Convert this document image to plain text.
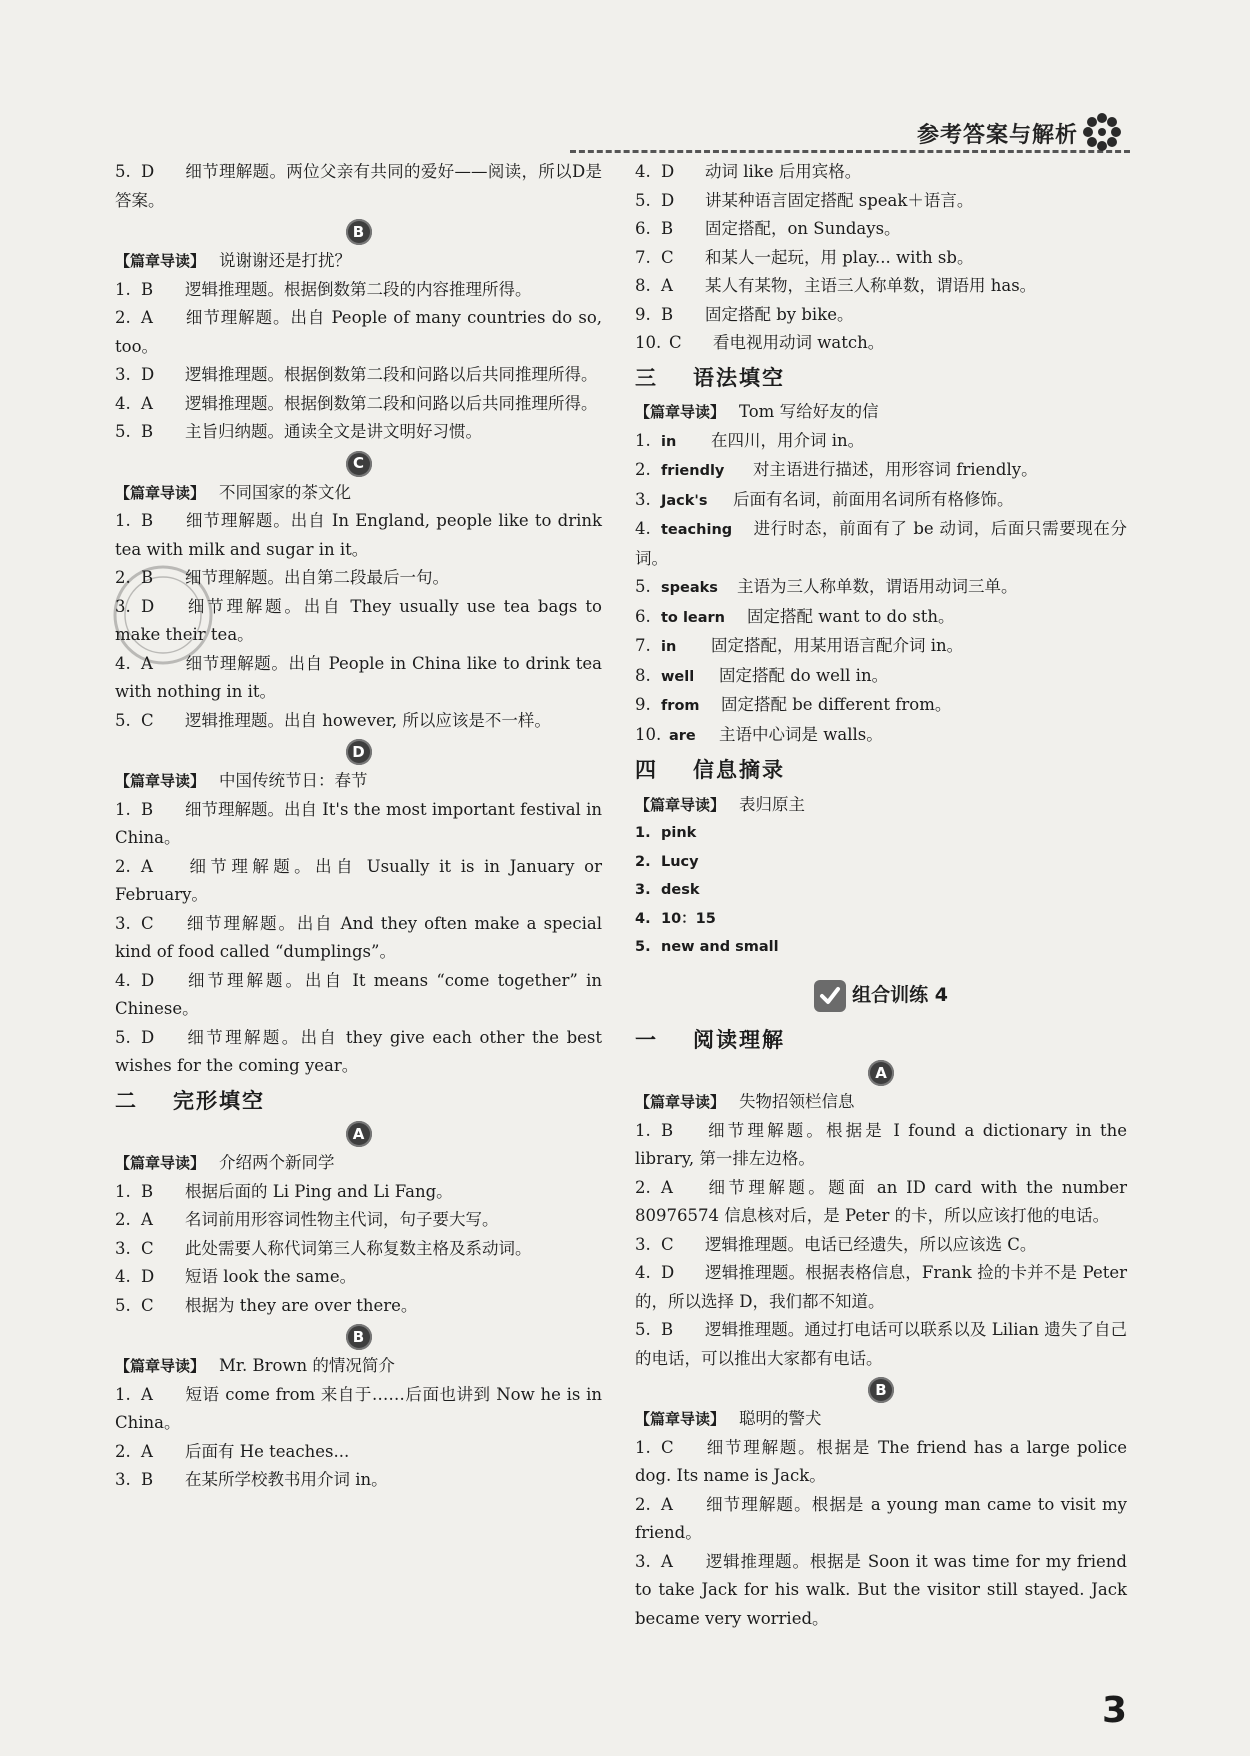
参考答案与解析

5. D 细节理解题。两位父亲有共同的爱好——阅读，所以D是答案。

B

【篇章导读】 说谢谢还是打扰？

1. B 逻辑推理题。根据倒数第二段的内容推理所得。

2. A 细节理解题。出自 People of many countries do so, too。

3. D 逻辑推理题。根据倒数第二段和问路以后共同推理所得。

4. A 逻辑推理题。根据倒数第二段和问路以后共同推理所得。

5. B 主旨归纳题。通读全文是讲文明好习惯。

C

【篇章导读】 不同国家的茶文化

1. B 细节理解题。出自 In England, people like to drink tea with milk and sugar in it。

2. B 细节理解题。出自第二段最后一句。

3. D 细节理解题。出自 They usually use tea bags to make their tea。

4. A 细节理解题。出自 People in China like to drink tea with nothing in it。

5. C 逻辑推理题。出自 however, 所以应该是不一样。

D

【篇章导读】 中国传统节日：春节

1. B 细节理解题。出自 It's the most important festival in China。

2. A 细节理解题。出自 Usually it is in January or February。

3. C 细节理解题。出自 And they often make a special kind of food called “dumplings”。

4. D 细节理解题。出自 It means “come together” in Chinese。

5. D 细节理解题。出自 they give each other the best wishes for the coming year。

二 完形填空
A

【篇章导读】 介绍两个新同学

1. B 根据后面的 Li Ping and Li Fang。

2. A 名词前用形容词性物主代词，句子要大写。

3. C 此处需要人称代词第三人称复数主格及系动词。

4. D 短语 look the same。

5. C 根据为 they are over there。

B

【篇章导读】 Mr. Brown 的情况简介

1. A 短语 come from 来自于……后面也讲到 Now he is in China。

2. A 后面有 He teaches...

3. B 在某所学校教书用介词 in。

4. D 动词 like 后用宾格。

5. D 讲某种语言固定搭配 speak＋语言。

6. B 固定搭配，on Sundays。

7. C 和某人一起玩，用 play... with sb。

8. A 某人有某物，主语三人称单数，谓语用 has。

9. B 固定搭配 by bike。

10. C 看电视用动词 watch。

三 语法填空

【篇章导读】 Tom 写给好友的信

1. in 在四川，用介词 in。

2. friendly 对主语进行描述，用形容词 friendly。

3. Jack's 后面有名词，前面用名词所有格修饰。

4. teaching 进行时态，前面有了 be 动词，后面只需要现在分词。

5. speaks 主语为三人称单数，谓语用动词三单。

6. to learn 固定搭配 want to do sth。

7. in 固定搭配，用某用语言配介词 in。

8. well 固定搭配 do well in。

9. from 固定搭配 be different from。

10. are 主语中心词是 walls。

四 信息摘录

【篇章导读】 表归原主

1. pink

2. Lucy

3. desk

4. 10：15

5. new and small

组合训练 4
一 阅读理解
A

【篇章导读】 失物招领栏信息

1. B 细节理解题。根据是 I found a dictionary in the library, 第一排左边格。

2. A 细节理解题。题面 an ID card with the number 80976574 信息核对后，是 Peter 的卡，所以应该打他的电话。

3. C 逻辑推理题。电话已经遗失，所以应该选 C。

4. D 逻辑推理题。根据表格信息，Frank 捡的卡并不是 Peter 的，所以选择 D，我们都不知道。

5. B 逻辑推理题。通过打电话可以联系以及 Lilian 遗失了自己的电话，可以推出大家都有电话。

B

【篇章导读】 聪明的警犬

1. C 细节理解题。根据是 The friend has a large police dog. Its name is Jack。

2. A 细节理解题。根据是 a young man came to visit my friend。

3. A 逻辑推理题。根据是 Soon it was time for my friend to take Jack for his walk. But the visitor still stayed. Jack became very worried。

3
